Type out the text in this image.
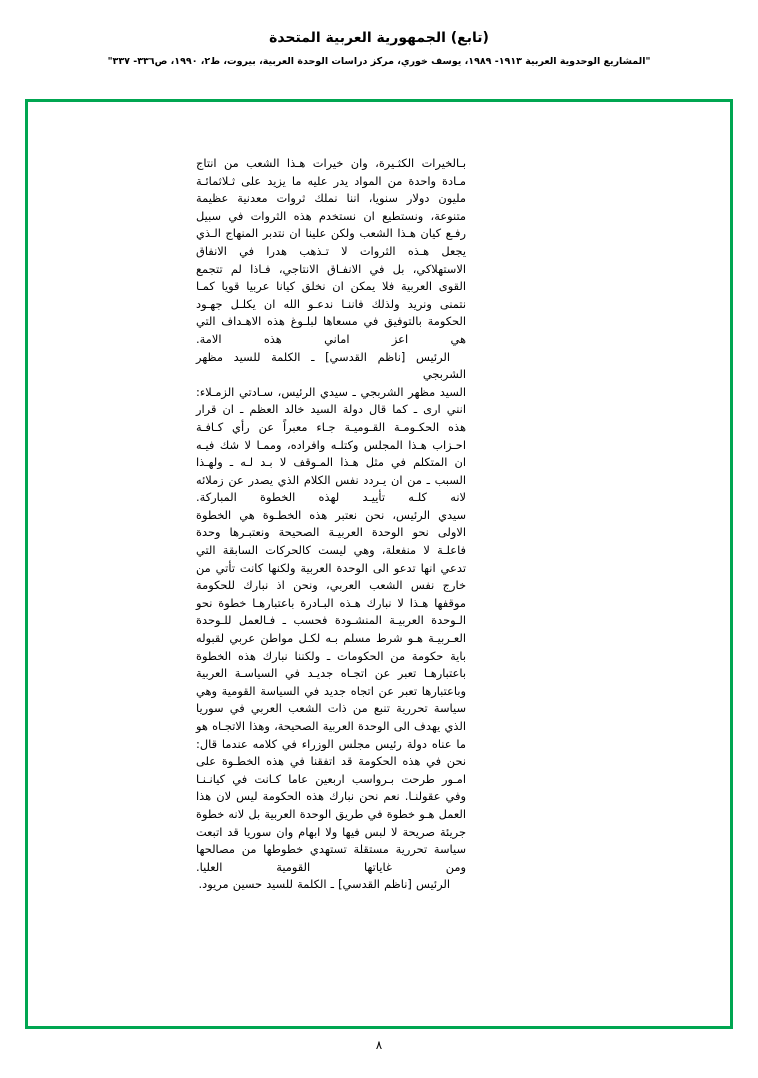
(تابع) الجمهورية العربية المتحدة
"المشاريع الوحدوية العربية ١٩١٣- ١٩٨٩، يوسف خوري، مركز دراسات الوحدة العربية، بيروت، ط٢، ١٩٩٠، ص٣٣٦- ٣٣٧"

بـالخيرات الكثـيرة، وان خيرات هـذا الشعب من انتاج مـادة واحدة من المواد يدر عليه ما يزيد على ثـلاثمائـة مليون دولار سنويا، اننا نملك ثروات معدنية عظيمة متنوعة، ونستطيع ان نستخدم هذه الثروات في سبيل رفـع كيان هـذا الشعب ولكن علينا ان نتدبر المنهاج الـذي يجعل هـذه الثروات لا تـذهب هدرا في الانفاق الاستهلاكي، بل في الانفـاق الانتاجي، فـاذا لم تتجمع القوى العربية فلا يمكن ان نخلق كيانا عربيا قويا كمـا نتمنى ونريد ولذلك فاننـا ندعـو الله ان يكلـل جهـود الحكومة بالتوفيق في مسعاها لبلـوغ هذه الاهـداف التي هي اعز اماني هذه الامة.

الرئيس [ناظم القدسي] ـ الكلمة للسيد مظهر الشربجي

السيد مظهر الشربجي ـ سيدي الرئيس، سـادتي الزمـلاء: انني ارى ـ كما قال دولة السيد خالد العظم ـ ان قرار هذه الحكـومـة القـوميـة جـاء معبراً عن رأي كـافـة احـزاب هـذا المجلس وكتلـه وافراده، وممـا لا شك فيـه ان المتكلم في مثل هـذا المـوقف لا بـد لـه ـ ولهـذا السبب ـ من ان يـردد نفس الكلام الذي يصدر عن زملائه لانه كلـه تأييـد لهذه الخطوة المباركة.

سيدي الرئيس، نحن نعتبر هذه الخطـوة هي الخطوة الاولى نحو الوحدة العربيـة الصحيحة ونعتبـرها وحدة فاعلـة لا منفعلة، وهي ليست كالحركات السابقة التي تدعي انها تدعو الى الوحدة العربية ولكنها كانت تأتي من خارج نفس الشعب العربي، ونحن اذ نبارك للحكومة موقفها هـذا لا نبارك هـذه البـادرة باعتبارهـا خطوة نحو الـوحدة العربيـة المنشـودة فحسب ـ فـالعمل للـوحدة العـربيـة هـو شرط مسلم بـه لكـل مواطن عربي لقبوله باية حكومة من الحكومات ـ ولكننا نبارك هذه الخطوة باعتبارهـا تعبر عن اتجـاه جديـد في السياسـة العربية وباعتبارها تعبر عن اتجاه جديد في السياسة القومية وهي سياسة تحررية تنبع من ذات الشعب العربي في سوريا الذي يهدف الى الوحدة العربية الصحيحة، وهذا الاتجـاه هو ما عناه دولة رئيس مجلس الوزراء في كلامه عندما قال: نحن في هذه الحكومة قد اتفقنا في هذه الخطـوة على امـور طرحت بـرواسب اربعين عاما كـانت في كيانـنـا وفي عقولنـا. نعم نحن نبارك هذه الحكومة ليس لان هذا العمل هـو خطوة في طريق الوحدة العربية بل لانه خطوة جريئة صريحة لا لبس فيها ولا ابهام وان سوريا قد اتبعت سياسة تحررية مستقلة تستهدي خطوطها من مصالحها ومن غاياتها القومية العليا.

الرئيس [ناظم القدسي] ـ الكلمة للسيد حسين مريود.

٨
